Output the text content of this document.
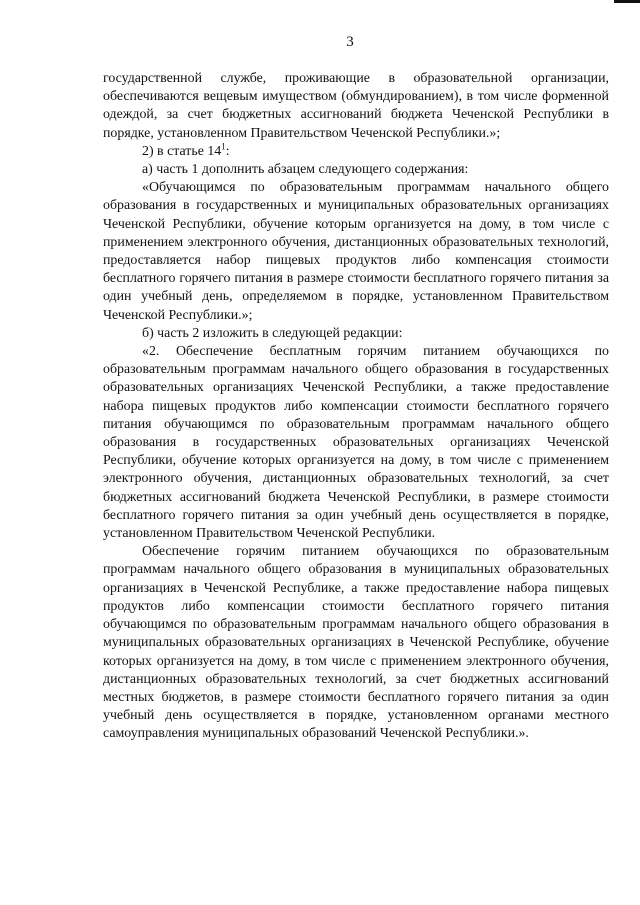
3

государственной службе, проживающие в образовательной организации, обеспечиваются вещевым имуществом (обмундированием), в том числе форменной одеждой, за счет бюджетных ассигнований бюджета Чеченской Республики в порядке, установленном Правительством Чеченской Республики.»;

2) в статье $14^1$:

а) часть 1 дополнить абзацем следующего содержания:

«Обучающимся по образовательным программам начального общего образования в государственных и муниципальных образовательных организациях Чеченской Республики, обучение которым организуется на дому, в том числе с применением электронного обучения, дистанционных образовательных технологий, предоставляется набор пищевых продуктов либо компенсация стоимости бесплатного горячего питания в размере стоимости бесплатного горячего питания за один учебный день, определяемом в порядке, установленном Правительством Чеченской Республики.»;

б) часть 2 изложить в следующей редакции:

«2. Обеспечение бесплатным горячим питанием обучающихся по образовательным программам начального общего образования в государственных образовательных организациях Чеченской Республики, а также предоставление набора пищевых продуктов либо компенсации стоимости бесплатного горячего питания обучающимся по образовательным программам начального общего образования в государственных образовательных организациях Чеченской Республики, обучение которых организуется на дому, в том числе с применением электронного обучения, дистанционных образовательных технологий, за счет бюджетных ассигнований бюджета Чеченской Республики, в размере стоимости бесплатного горячего питания за один учебный день осуществляется в порядке, установленном Правительством Чеченской Республики.

Обеспечение горячим питанием обучающихся по образовательным программам начального общего образования в муниципальных образовательных организациях в Чеченской Республике, а также предоставление набора пищевых продуктов либо компенсации стоимости бесплатного горячего питания обучающимся по образовательным программам начального общего образования в муниципальных образовательных организациях в Чеченской Республике, обучение которых организуется на дому, в том числе с применением электронного обучения, дистанционных образовательных технологий, за счет бюджетных ассигнований местных бюджетов, в размере стоимости бесплатного горячего питания за один учебный день осуществляется в порядке, установленном органами местного самоуправления муниципальных образований Чеченской Республики.».
